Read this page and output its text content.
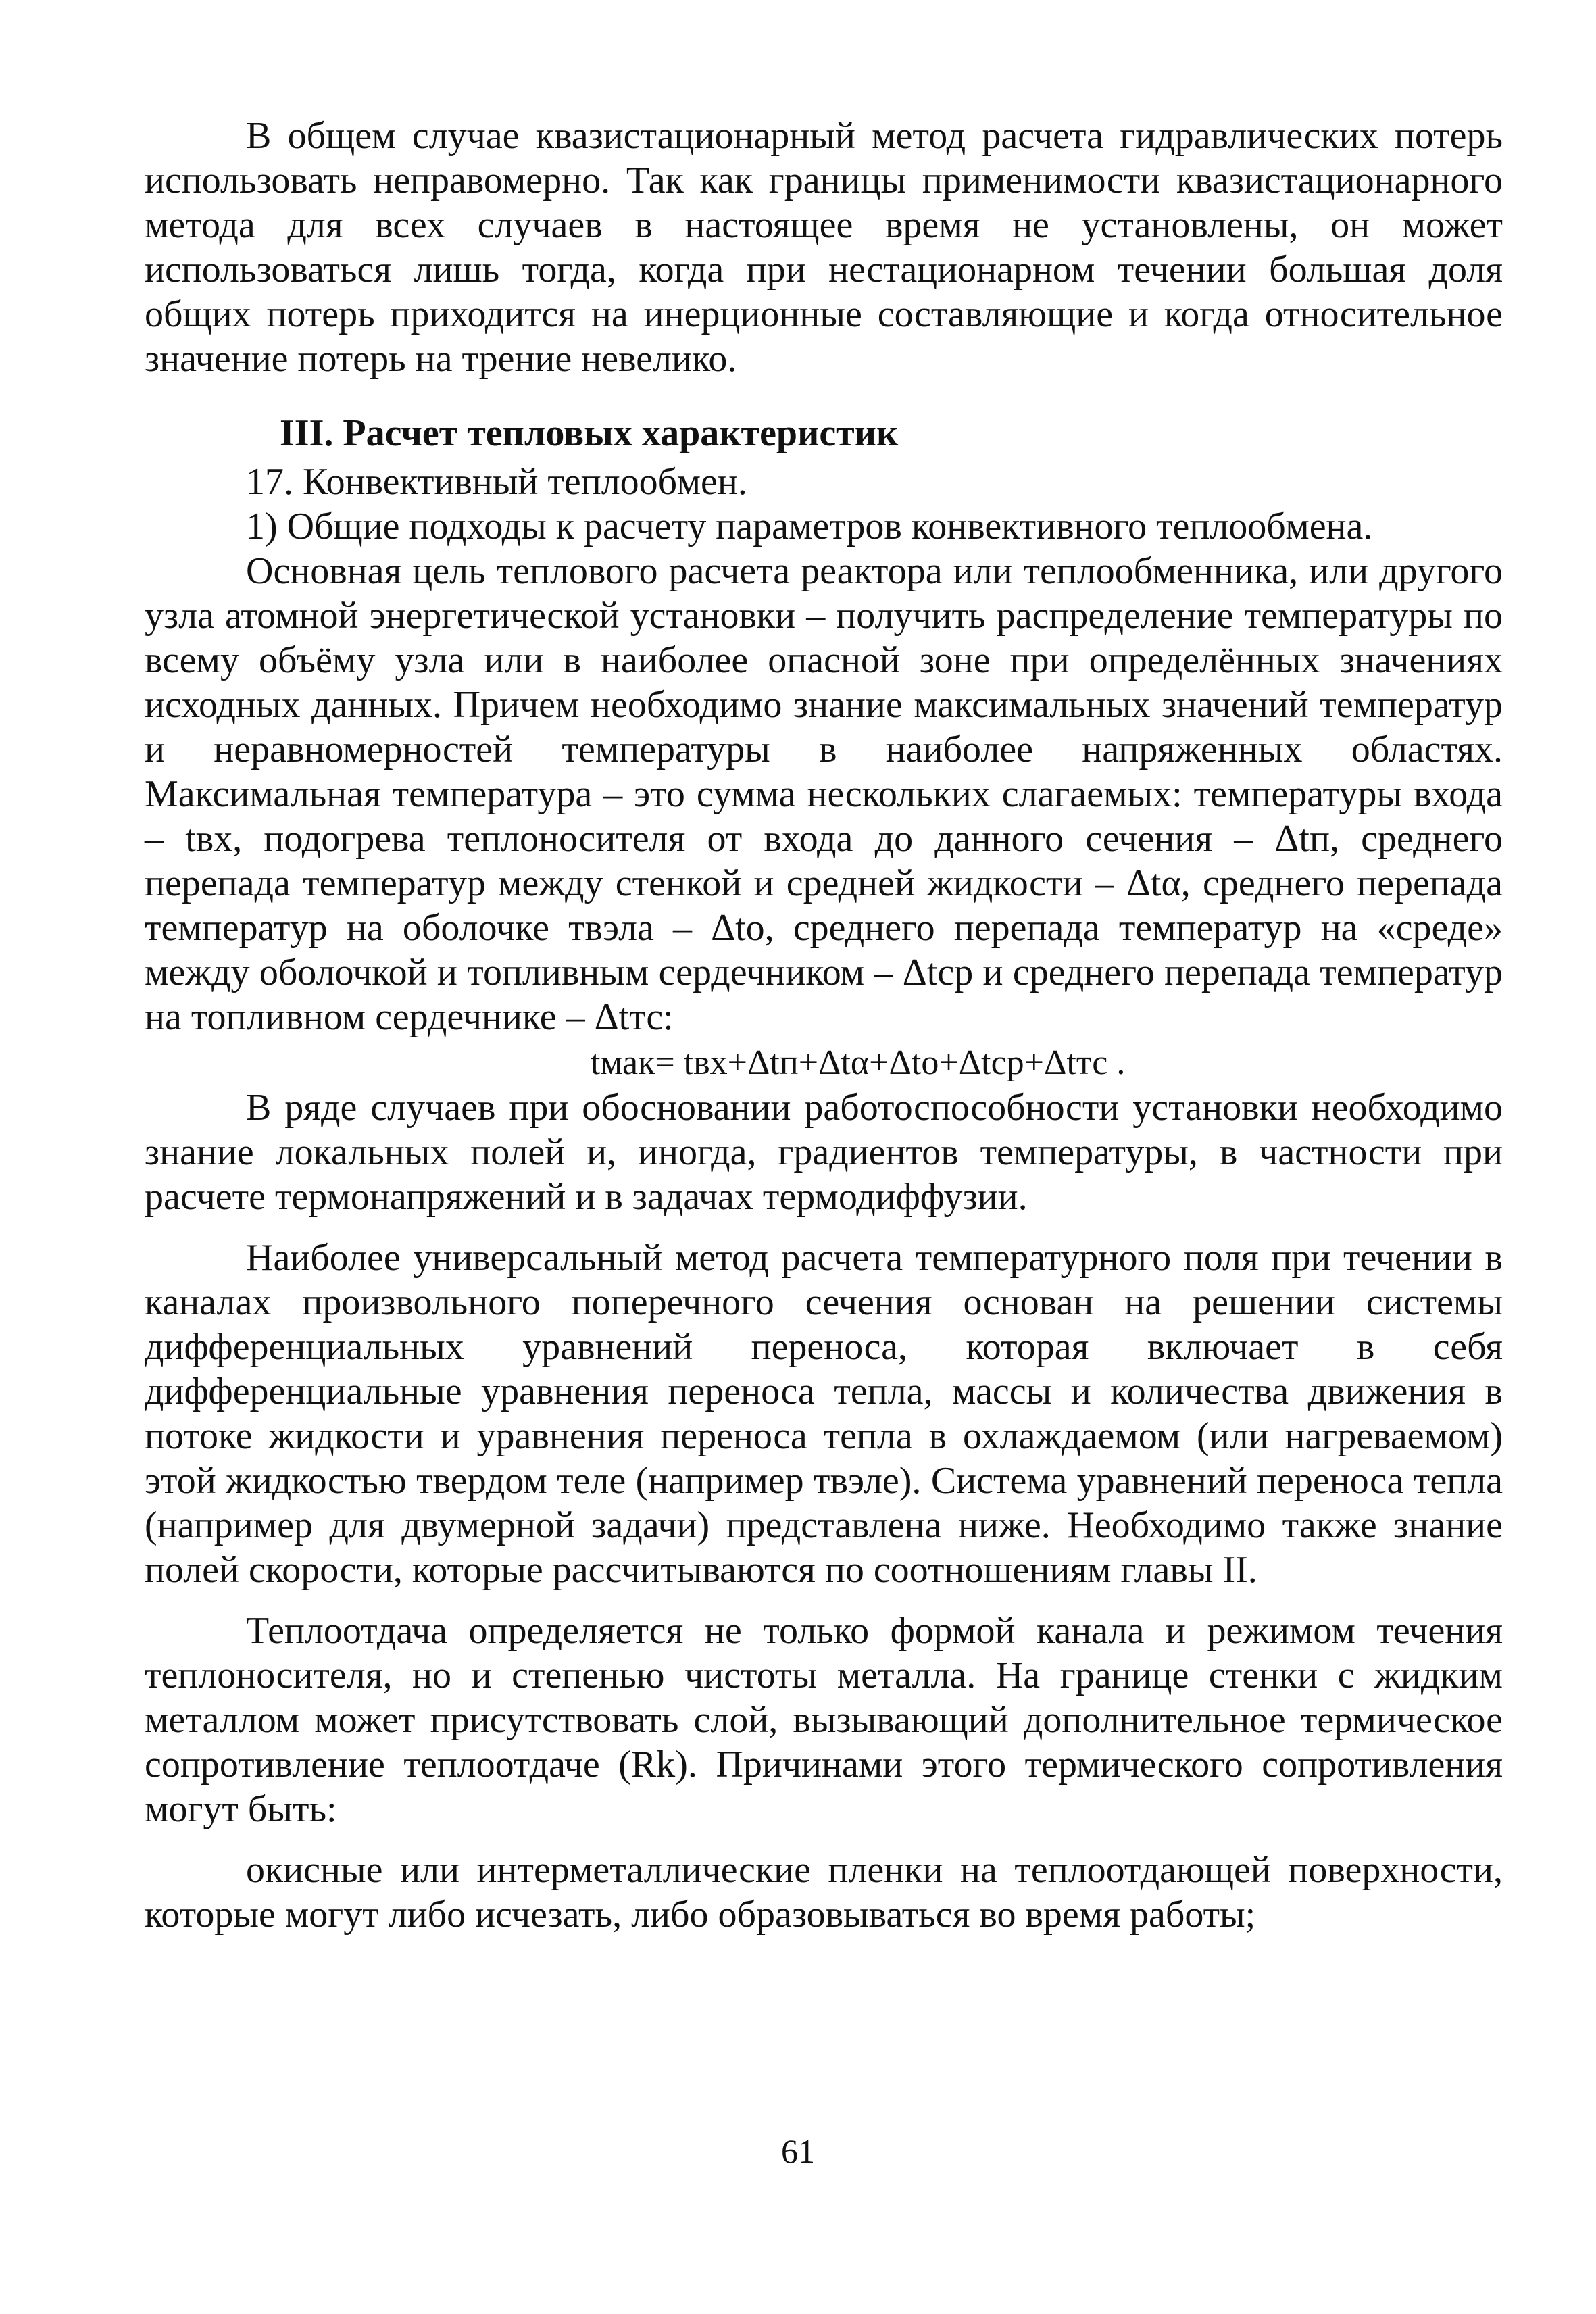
В общем случае квазистационарный метод расчета гидравлических потерь использовать неправомерно. Так как границы применимости квазистационарного метода для всех случаев в настоящее время не установлены, он может использоваться лишь тогда, когда при нестационарном течении большая доля общих потерь приходится на инерционные составляющие и когда относительное значение потерь на трение невелико.

III. Расчет тепловых характеристик

17. Конвективный теплообмен.

1) Общие подходы к расчету параметров конвективного теплообмена.

Основная цель теплового расчета реактора или теплообменника, или другого узла атомной энергетической установки – получить распределение температуры по всему объёму узла или в наиболее опасной зоне при определённых значениях исходных данных. Причем необходимо знание максимальных значений температур и неравномерностей температуры в наиболее напряженных областях. Максимальная температура – это сумма нескольких слагаемых: температуры входа – tвх, подогрева теплоносителя от входа до данного сечения – Δtп, среднего перепада температур между стенкой и средней жидкости – Δtα, среднего перепада температур на оболочке твэла – Δtо, среднего перепада температур на «среде» между оболочкой и топливным сердечником – Δtср и среднего перепада температур на топливном сердечнике – Δtтс:

tмак= tвх+Δtп+Δtα+Δtо+Δtср+Δtтс .

В ряде случаев при обосновании работоспособности установки необходимо знание локальных полей и, иногда, градиентов температуры, в частности при расчете термонапряжений и в задачах термодиффузии.

Наиболее универсальный метод расчета температурного поля при течении в каналах произвольного поперечного сечения основан на решении системы дифференциальных уравнений переноса, которая включает в себя дифференциальные уравнения переноса тепла, массы и количества движения в потоке жидкости и уравнения переноса тепла в охлаждаемом (или нагреваемом) этой жидкостью твердом теле (например твэле). Система уравнений переноса тепла (например для двумерной задачи) представлена ниже. Необходимо также знание полей скорости, которые рассчитываются по соотношениям главы II.

Теплоотдача определяется не только формой канала и режимом течения теплоносителя, но и степенью чистоты металла. На границе стенки с жидким металлом может присутствовать слой, вызывающий дополнительное термическое сопротивление теплоотдаче (Rk). Причинами этого термического сопротивления могут быть:

окисные или интерметаллические пленки на теплоотдающей поверхности, которые могут либо исчезать, либо образовываться во время работы;

61
